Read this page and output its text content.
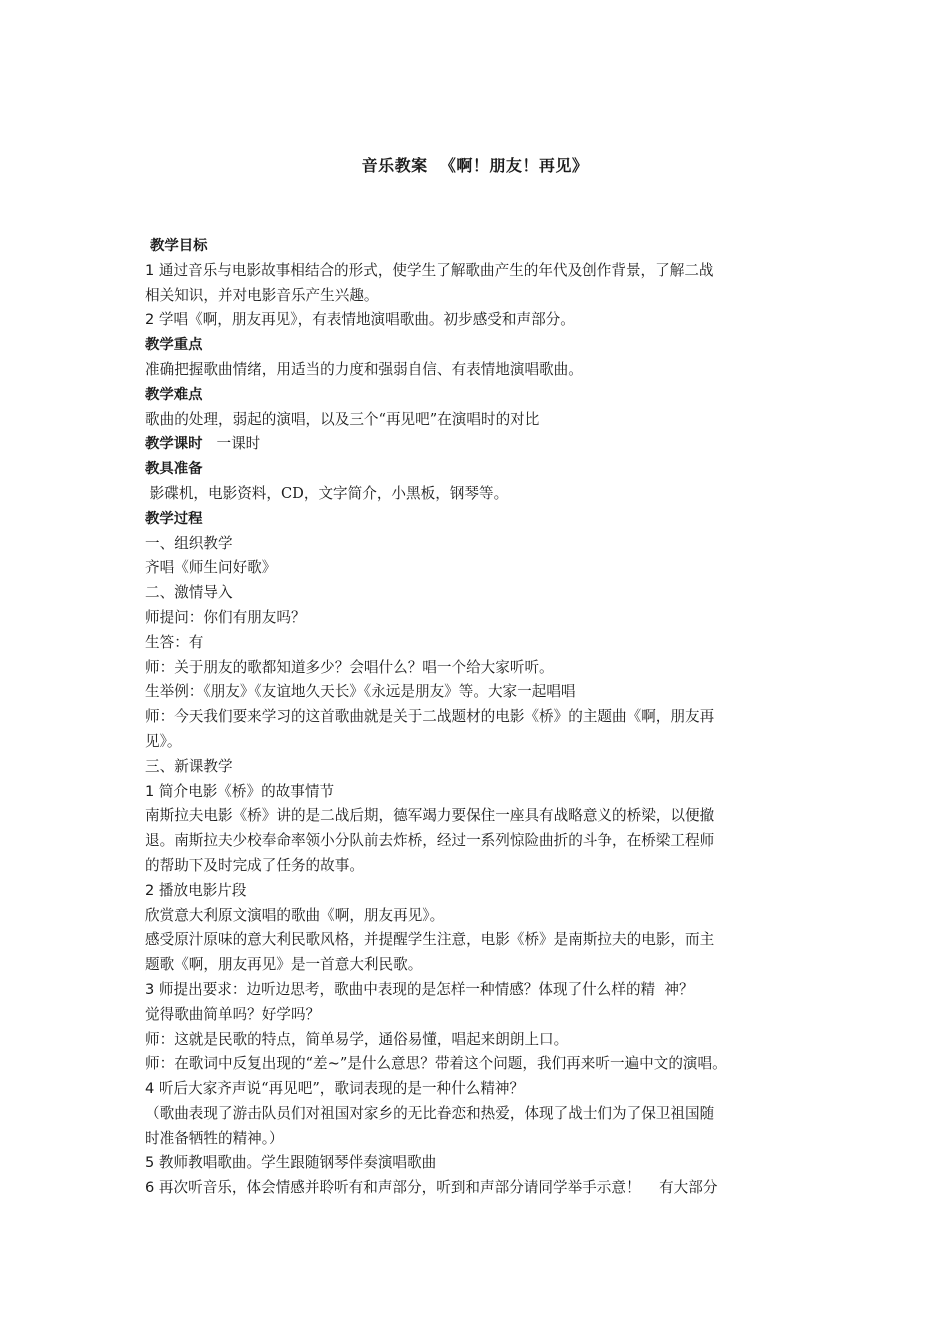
音乐教案  《啊！朋友！再见》
教学目标
1 通过音乐与电影故事相结合的形式，使学生了解歌曲产生的年代及创作背景，了解二战
相关知识，并对电影音乐产生兴趣。
2 学唱《啊，朋友再见》，有表情地演唱歌曲。初步感受和声部分。
教学重点
准确把握歌曲情绪，用适当的力度和强弱自信、有表情地演唱歌曲。
教学难点
歌曲的处理，弱起的演唱，以及三个“再见吧”在演唱时的对比
教学课时   一课时
教具准备
影碟机，电影资料，CD，文字简介，小黑板，钢琴等。
教学过程
一、组织教学
齐唱《师生问好歌》
二、激情导入
师提问：你们有朋友吗？
生答：有
师：关于朋友的歌都知道多少？会唱什么？唱一个给大家听听。
生举例：《朋友》《友谊地久天长》《永远是朋友》等。大家一起唱唱
师：今天我们要来学习的这首歌曲就是关于二战题材的电影《桥》的主题曲《啊，朋友再
见》。
三、新课教学
1 简介电影《桥》的故事情节
南斯拉夫电影《桥》讲的是二战后期，德军竭力要保住一座具有战略意义的桥梁，以便撤
退。南斯拉夫少校奉命率领小分队前去炸桥，经过一系列惊险曲折的斗争，在桥梁工程师
的帮助下及时完成了任务的故事。
2 播放电影片段
欣赏意大利原文演唱的歌曲《啊，朋友再见》。
感受原汁原味的意大利民歌风格，并提醒学生注意，电影《桥》是南斯拉夫的电影，而主
题歌《啊，朋友再见》是一首意大利民歌。
3 师提出要求：边听边思考，歌曲中表现的是怎样一种情感？体现了什么样的精  神？
觉得歌曲简单吗？好学吗？
师：这就是民歌的特点，简单易学，通俗易懂，唱起来朗朗上口。
师：在歌词中反复出现的“差~”是什么意思？带着这个问题，我们再来听一遍中文的演唱。
4 听后大家齐声说“再见吧”，歌词表现的是一种什么精神？
（歌曲表现了游击队员们对祖国对家乡的无比眷恋和热爱，体现了战士们为了保卫祖国随
时准备牺牲的精神。）
5 教师教唱歌曲。学生跟随钢琴伴奏演唱歌曲
6 再次听音乐，体会情感并聆听有和声部分，听到和声部分请同学举手示意！    有大部分
